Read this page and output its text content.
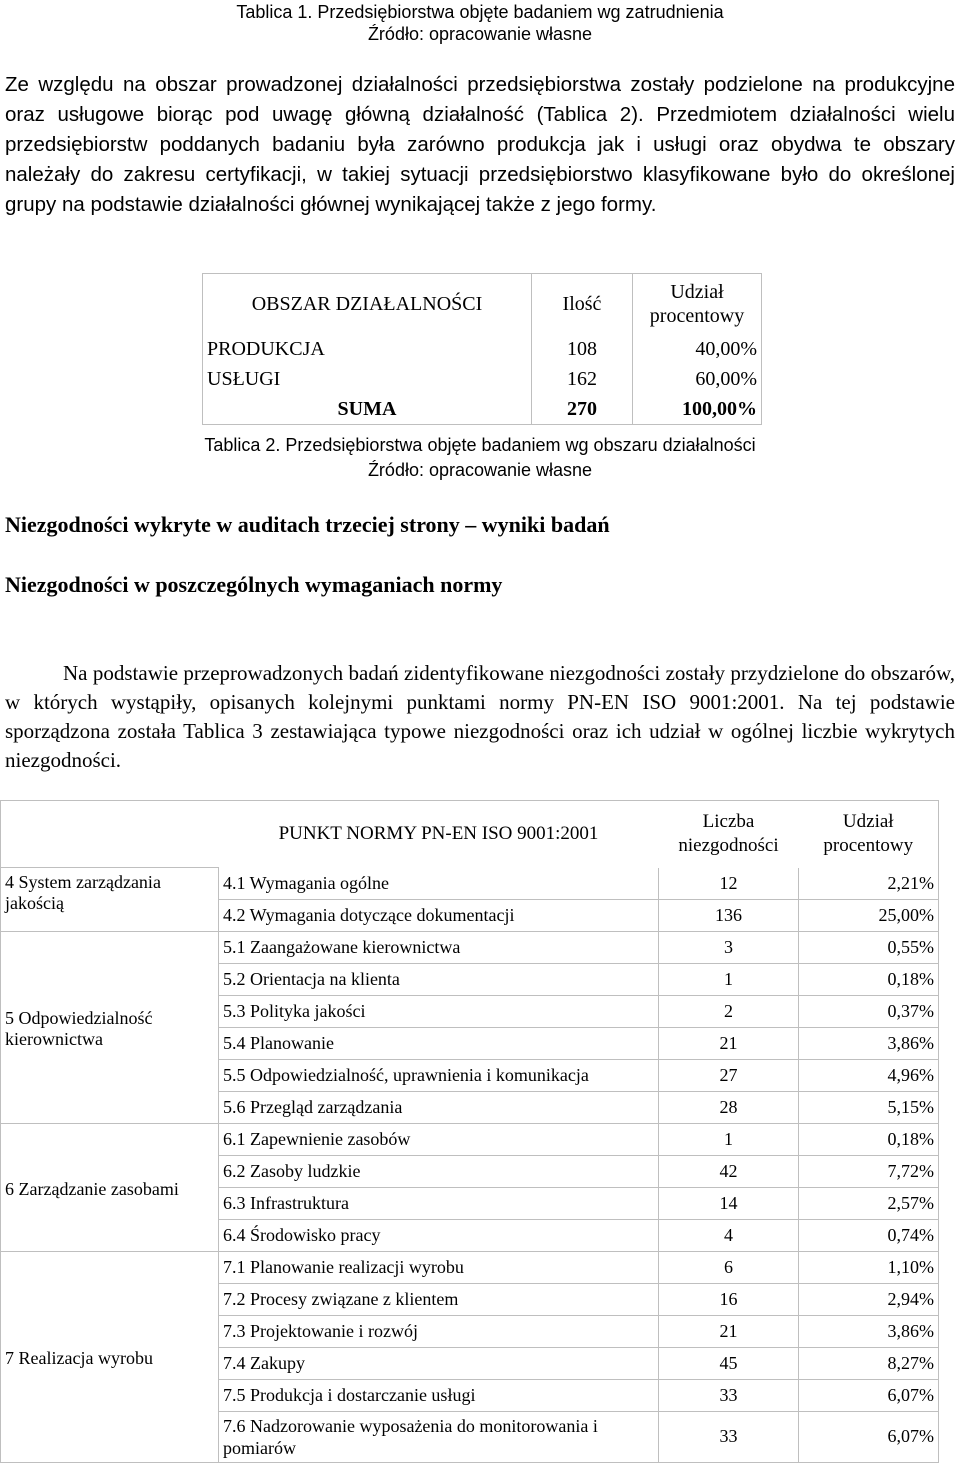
Tablica 1. Przedsiębiorstwa objęte badaniem wg zatrudnienia
Źródło: opracowanie własne

Ze względu na obszar prowadzonej działalności przedsiębiorstwa zostały podzielone na produkcyjne oraz usługowe biorąc pod uwagę główną działalność (Tablica 2). Przedmiotem działalności wielu przedsiębiorstw poddanych badaniu była zarówno produkcja jak i usługi oraz obydwa te obszary należały do zakresu certyfikacji, w takiej sytuacji przedsiębiorstwo klasyfikowane było do określonej grupy na podstawie działalności głównej wynikającej także z jego formy.

OBSZAR DZIAŁALNOŚCI	Ilość	Udział procentowy
PRODUKCJA	108	40,00%
USŁUGI	162	60,00%
SUMA	270	100,00%
Tablica 2. Przedsiębiorstwa objęte badaniem wg obszaru działalności
Źródło: opracowanie własne
Niezgodności wykryte w auditach trzeciej strony – wyniki badań
Niezgodności w poszczególnych wymaganiach normy

Na podstawie przeprowadzonych badań zidentyfikowane niezgodności zostały przydzielone do obszarów, w których wystąpiły, opisanych kolejnymi punktami normy PN-EN ISO 9001:2001. Na tej podstawie sporządzona została Tablica 3 zestawiająca typowe niezgodności oraz ich udział w ogólnej liczbie wykrytych niezgodności.

	PUNKT NORMY PN-EN ISO 9001:2001	Liczba niezgodności	Udział procentowy
4 System zarządzania jakością	4.1 Wymagania ogólne	12	2,21%
	4.2 Wymagania dotyczące dokumentacji	136	25,00%
5 Odpowiedzialność kierownictwa	5.1 Zaangażowane kierownictwa	3	0,55%
	5.2 Orientacja na klienta	1	0,18%
	5.3 Polityka jakości	2	0,37%
	5.4 Planowanie	21	3,86%
	5.5 Odpowiedzialność, uprawnienia i komunikacja	27	4,96%
	5.6 Przegląd zarządzania	28	5,15%
6 Zarządzanie zasobami	6.1 Zapewnienie zasobów	1	0,18%
	6.2 Zasoby ludzkie	42	7,72%
	6.3 Infrastruktura	14	2,57%
	6.4 Środowisko pracy	4	0,74%
7 Realizacja wyrobu	7.1 Planowanie realizacji wyrobu	6	1,10%
	7.2 Procesy związane z klientem	16	2,94%
	7.3 Projektowanie i rozwój	21	3,86%
	7.4 Zakupy	45	8,27%
	7.5 Produkcja i dostarczanie usługi	33	6,07%
	7.6 Nadzorowanie wyposażenia do monitorowania i pomiarów	33	6,07%
